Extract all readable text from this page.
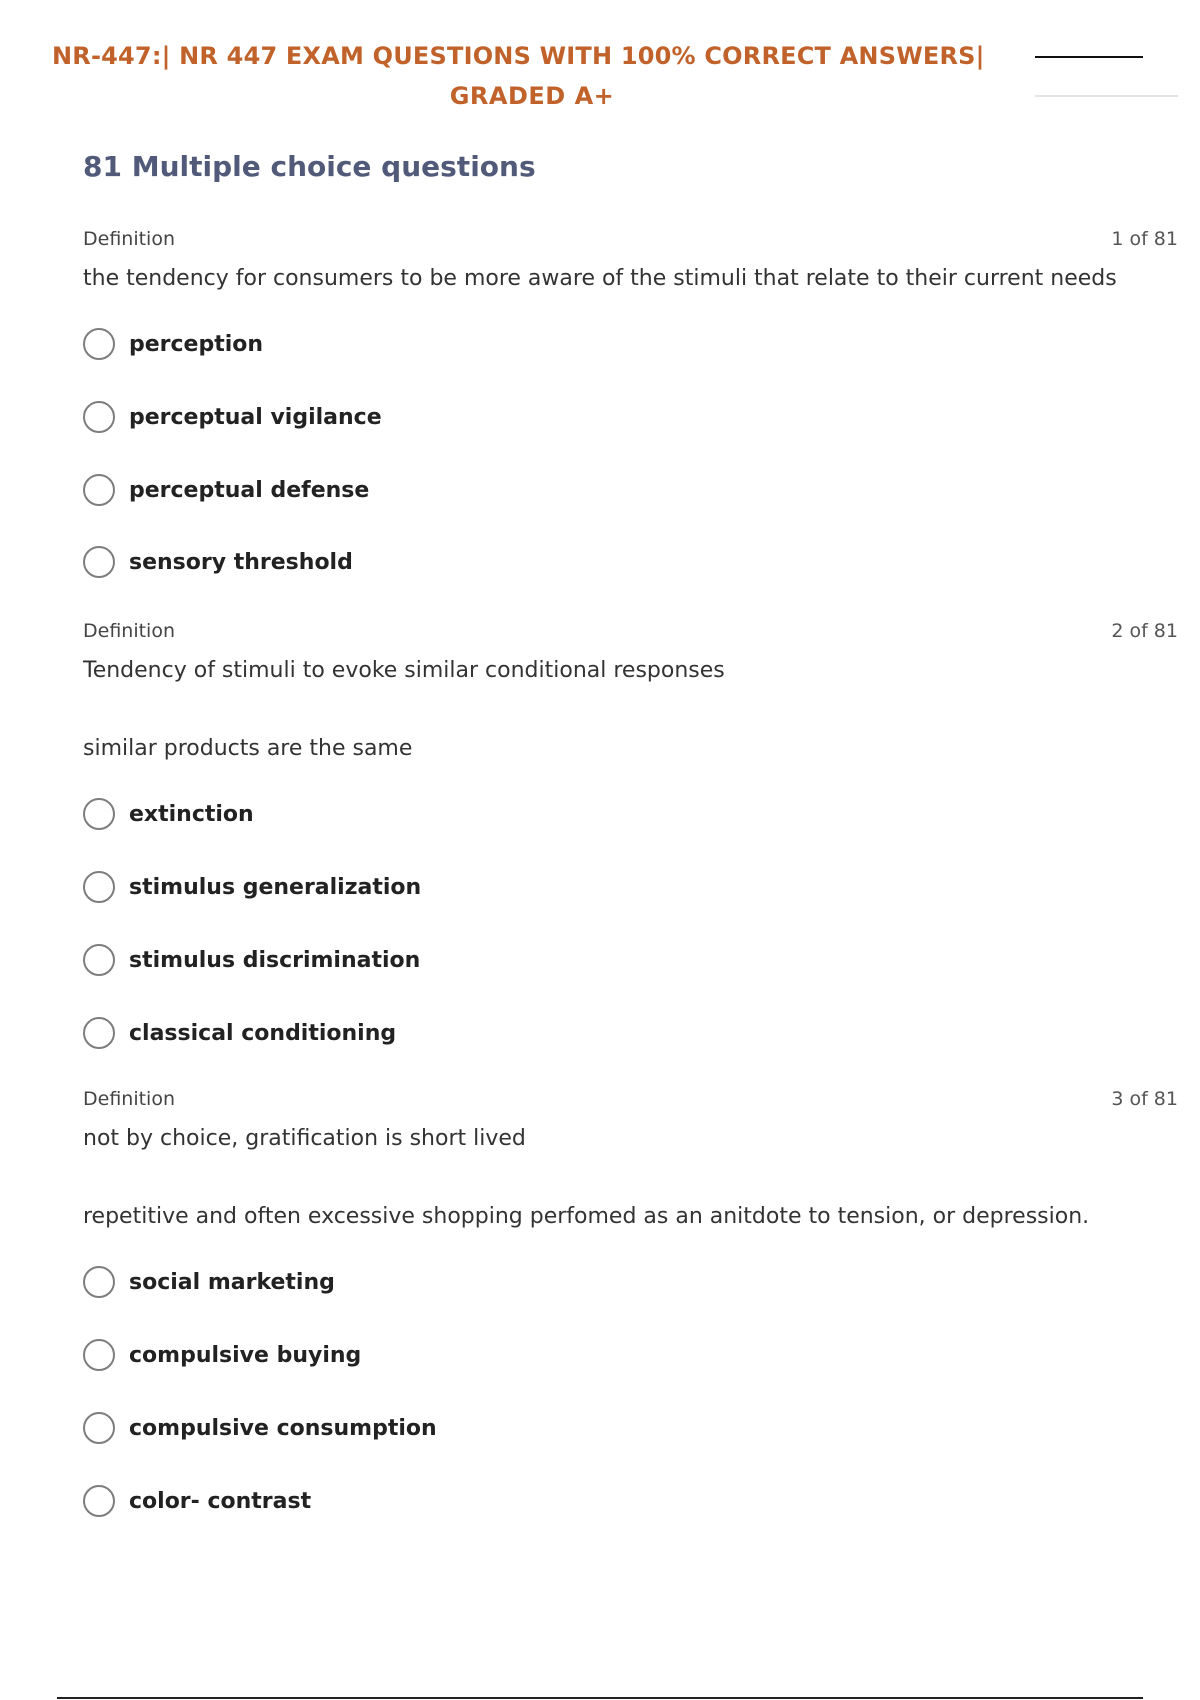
NR-447:| NR 447 EXAM QUESTIONS WITH 100% CORRECT ANSWERS|
GRADED A+
81 Multiple choice questions
Definition	1 of 81
the tendency for consumers to be more aware of the stimuli that relate to their current needs
perception
perceptual vigilance
perceptual defense
sensory threshold
Definition	2 of 81
Tendency of stimuli to evoke similar conditional responses
similar products are the same
extinction
stimulus generalization
stimulus discrimination
classical conditioning
Definition	3 of 81
not by choice, gratification is short lived
repetitive and often excessive shopping perfomed as an anitdote to tension, or depression.
social marketing
compulsive buying
compulsive consumption
color- contrast
